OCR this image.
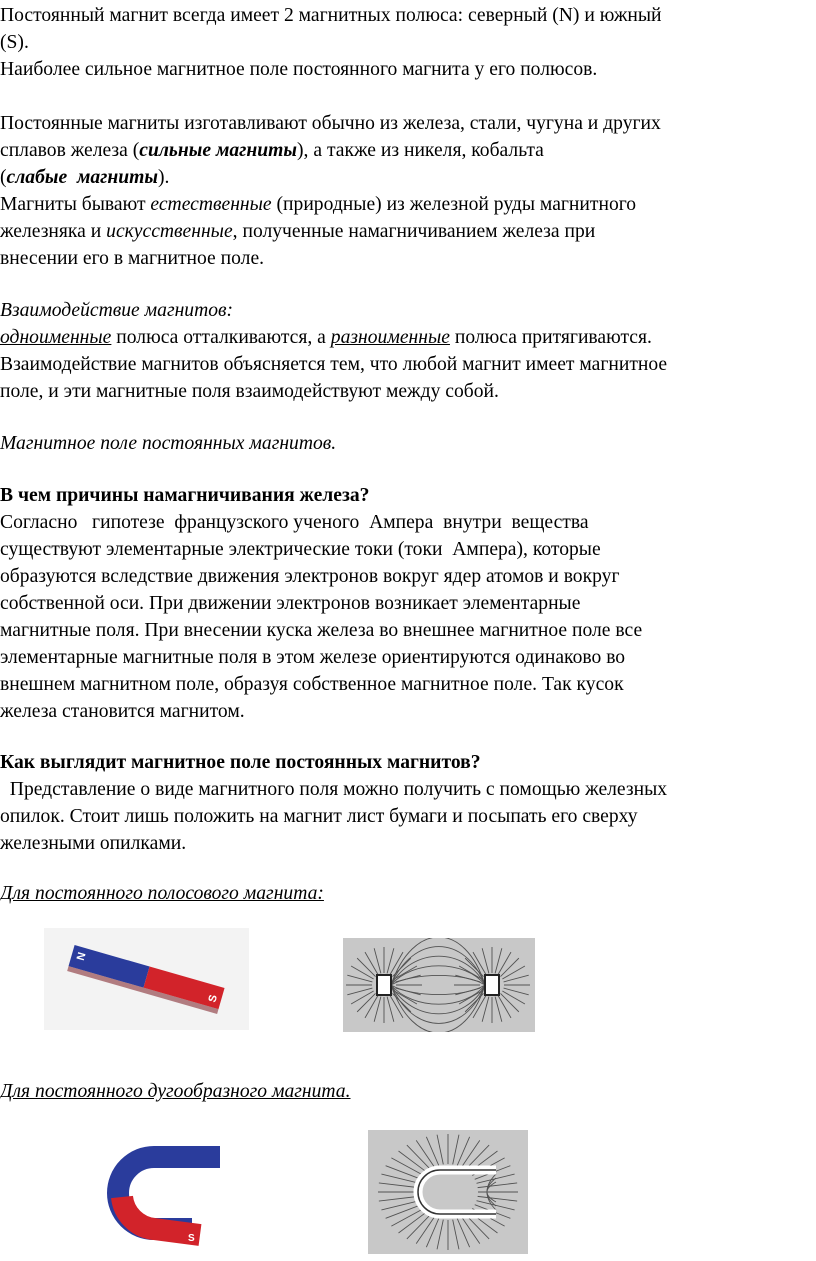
Постоянный магнит всегда имеет 2 магнитных полюса: северный (N) и южный

(S).

Наиболее сильное магнитное поле постоянного магнита у его полюсов.

Постоянные магниты изготавливают обычно из железа, стали, чугуна и других

сплавов железа (сильные магниты), а также из никеля, кобальта

(слабые  магниты).

Магниты бывают естественные (природные) из железной руды магнитного

железняка и искусственные, полученные намагничиванием железа при

внесении его в магнитное поле.

Взаимодействие магнитов:

одноименные полюса отталкиваются, а разноименные полюса притягиваются.

Взаимодействие магнитов объясняется тем, что любой магнит имеет магнитное

поле, и эти магнитные поля взаимодействуют между собой.

Магнитное поле постоянных магнитов.

В чем причины намагничивания железа?

Согласно   гипотезе  французского ученого  Ампера  внутри  вещества

существуют элементарные электрические токи (токи  Ампера), которые

образуются вследствие движения электронов вокруг ядер атомов и вокруг

собственной оси. При движении электронов возникает элементарные

магнитные поля. При внесении куска железа во внешнее магнитное поле все

элементарные магнитные поля в этом железе ориентируются одинаково во

внешнем магнитном поле, образуя собственное магнитное поле. Так кусок

железа становится магнитом.

Как выглядит магнитное поле постоянных магнитов?

Представление о виде магнитного поля можно получить с помощью железных

опилок. Стоит лишь положить на магнит лист бумаги и посыпать его сверху

железными опилками.

Для постоянного полосового магнита:

N
S

Для постоянного дугообразного магнита.

S
